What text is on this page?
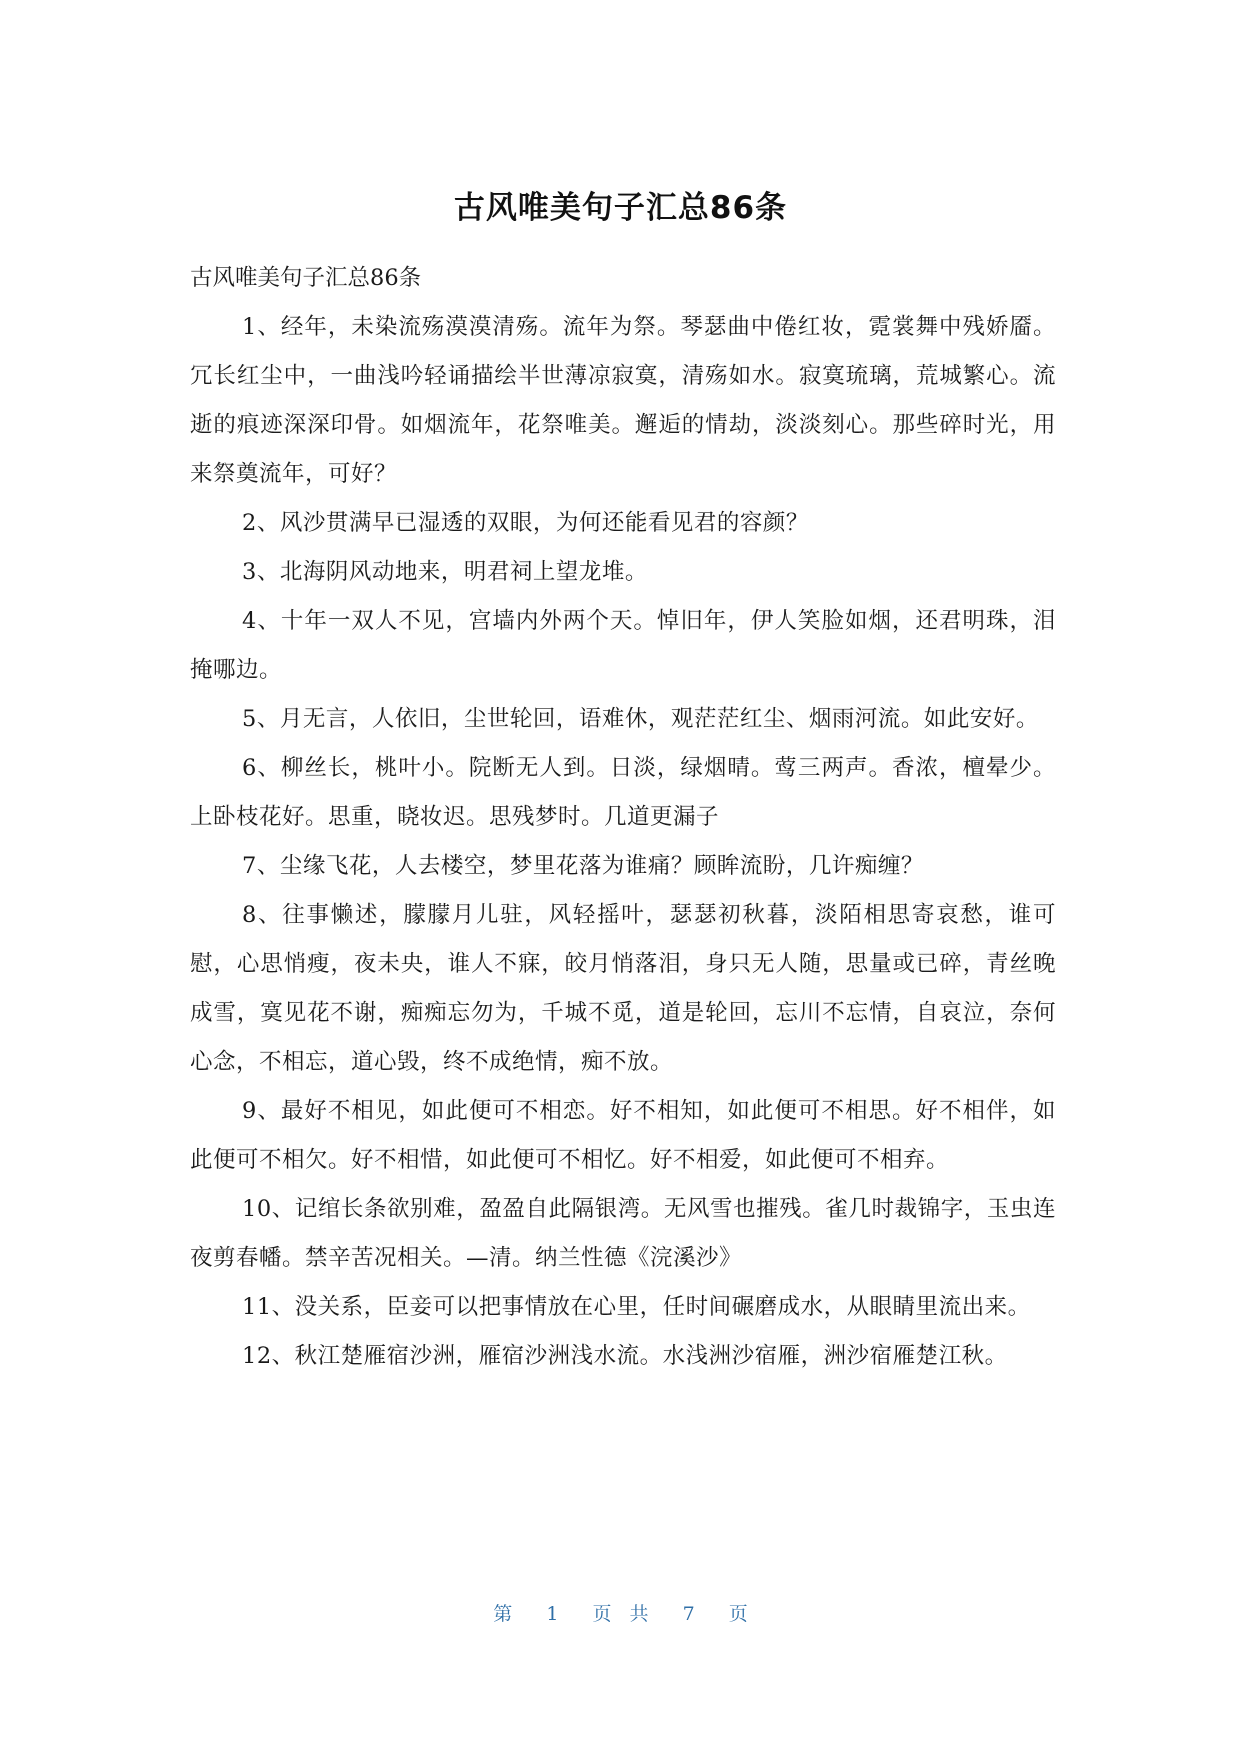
古风唯美句子汇总86条

古风唯美句子汇总86条

1、经年，未染流殇漠漠清殇。流年为祭。琴瑟曲中倦红妆，霓裳舞中残娇靥。冗长红尘中，一曲浅吟轻诵描绘半世薄凉寂寞，清殇如水。寂寞琉璃，荒城繁心。流逝的痕迹深深印骨。如烟流年，花祭唯美。邂逅的情劫，淡淡刻心。那些碎时光，用来祭奠流年，可好？

2、风沙贯满早已湿透的双眼，为何还能看见君的容颜？

3、北海阴风动地来，明君祠上望龙堆。

4、十年一双人不见，宫墙内外两个天。悼旧年，伊人笑脸如烟，还君明珠，泪掩哪边。

5、月无言，人依旧，尘世轮回，语难休，观茫茫红尘、烟雨河流。如此安好。

6、柳丝长，桃叶小。院断无人到。日淡，绿烟晴。莺三两声。香浓，檀晕少。上卧枝花好。思重，晓妆迟。思残梦时。几道更漏子

7、尘缘飞花，人去楼空，梦里花落为谁痛？顾眸流盼，几许痴缠？

8、往事懒述，朦朦月儿驻，风轻摇叶，瑟瑟初秋暮，淡陌相思寄哀愁，谁可慰，心思悄瘦，夜未央，谁人不寐，皎月悄落泪，身只无人随，思量或已碎，青丝晚成雪，寞见花不谢，痴痴忘勿为，千城不觅，道是轮回，忘川不忘情，自哀泣，奈何心念，不相忘，道心毁，终不成绝情，痴不放。

9、最好不相见，如此便可不相恋。好不相知，如此便可不相思。好不相伴，如此便可不相欠。好不相惜，如此便可不相忆。好不相爱，如此便可不相弃。

10、记绾长条欲别难，盈盈自此隔银湾。无风雪也摧残。雀几时裁锦字，玉虫连夜剪春幡。禁辛苦况相关。—清。纳兰性德《浣溪沙》

11、没关系，臣妾可以把事情放在心里，任时间碾磨成水，从眼睛里流出来。

12、秋江楚雁宿沙洲，雁宿沙洲浅水流。水浅洲沙宿雁，洲沙宿雁楚江秋。

第 1 页 共 7 页
